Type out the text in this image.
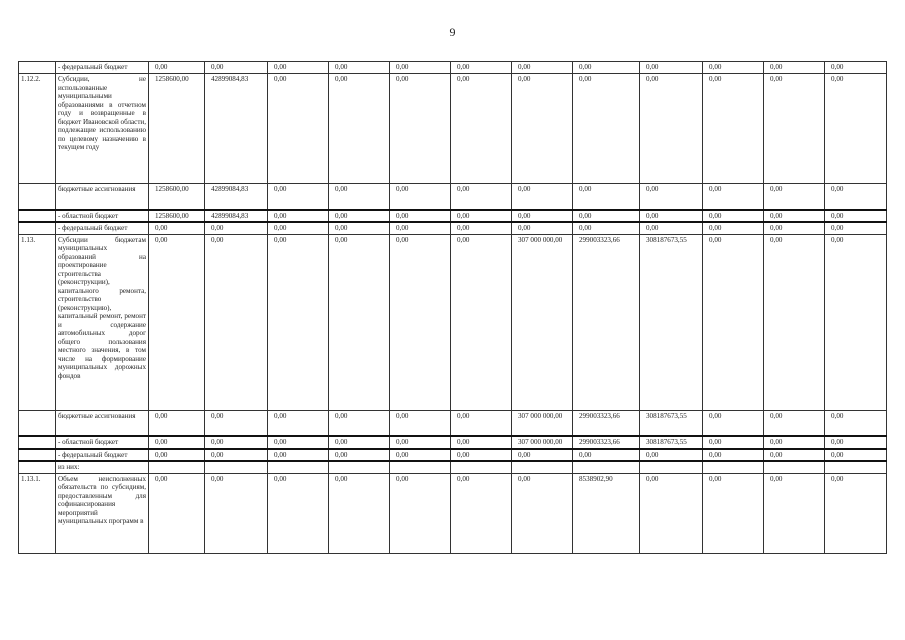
9
	- федеральный бюджет	0,00	0,00	0,00	0,00	0,00	0,00	0,00	0,00	0,00	0,00	0,00	0,00
1.12.2.	Субсидии, не использованные муниципальными образованиями в отчетном году и возвращенные в бюджет Ивановской области, подлежащие использованию по целевому назначению в текущем году	1258600,00	42899084,83	0,00	0,00	0,00	0,00	0,00	0,00	0,00	0,00	0,00	0,00
	бюджетные ассигнования	1258600,00	42899084,83	0,00	0,00	0,00	0,00	0,00	0,00	0,00	0,00	0,00	0,00
	- областной бюджет	1258600,00	42899084,83	0,00	0,00	0,00	0,00	0,00	0,00	0,00	0,00	0,00	0,00
	- федеральный бюджет	0,00	0,00	0,00	0,00	0,00	0,00	0,00	0,00	0,00	0,00	0,00	0,00
1.13.	Субсидии бюджетам муниципальных образований на проектирование строительства (реконструкции), капитального ремонта, строительство (реконструкцию), капитальный ремонт, ремонт и содержание автомобильных дорог общего пользования местного значения, в том числе на формирование муниципальных дорожных фондов	0,00	0,00	0,00	0,00	0,00	0,00	307 000 000,00	299003323,66	308187673,55	0,00	0,00	0,00
	бюджетные ассигнования	0,00	0,00	0,00	0,00	0,00	0,00	307 000 000,00	299003323,66	308187673,55	0,00	0,00	0,00
	- областной бюджет	0,00	0,00	0,00	0,00	0,00	0,00	307 000 000,00	299003323,66	308187673,55	0,00	0,00	0,00
	- федеральный бюджет	0,00	0,00	0,00	0,00	0,00	0,00	0,00	0,00	0,00	0,00	0,00	0,00
	из них:												
1.13.1.	Объем неисполненных обязательств по субсидиям, предоставленным для софинансирования мероприятий муниципальных программ в	0,00	0,00	0,00	0,00	0,00	0,00	0,00	8538902,90	0,00	0,00	0,00	0,00
